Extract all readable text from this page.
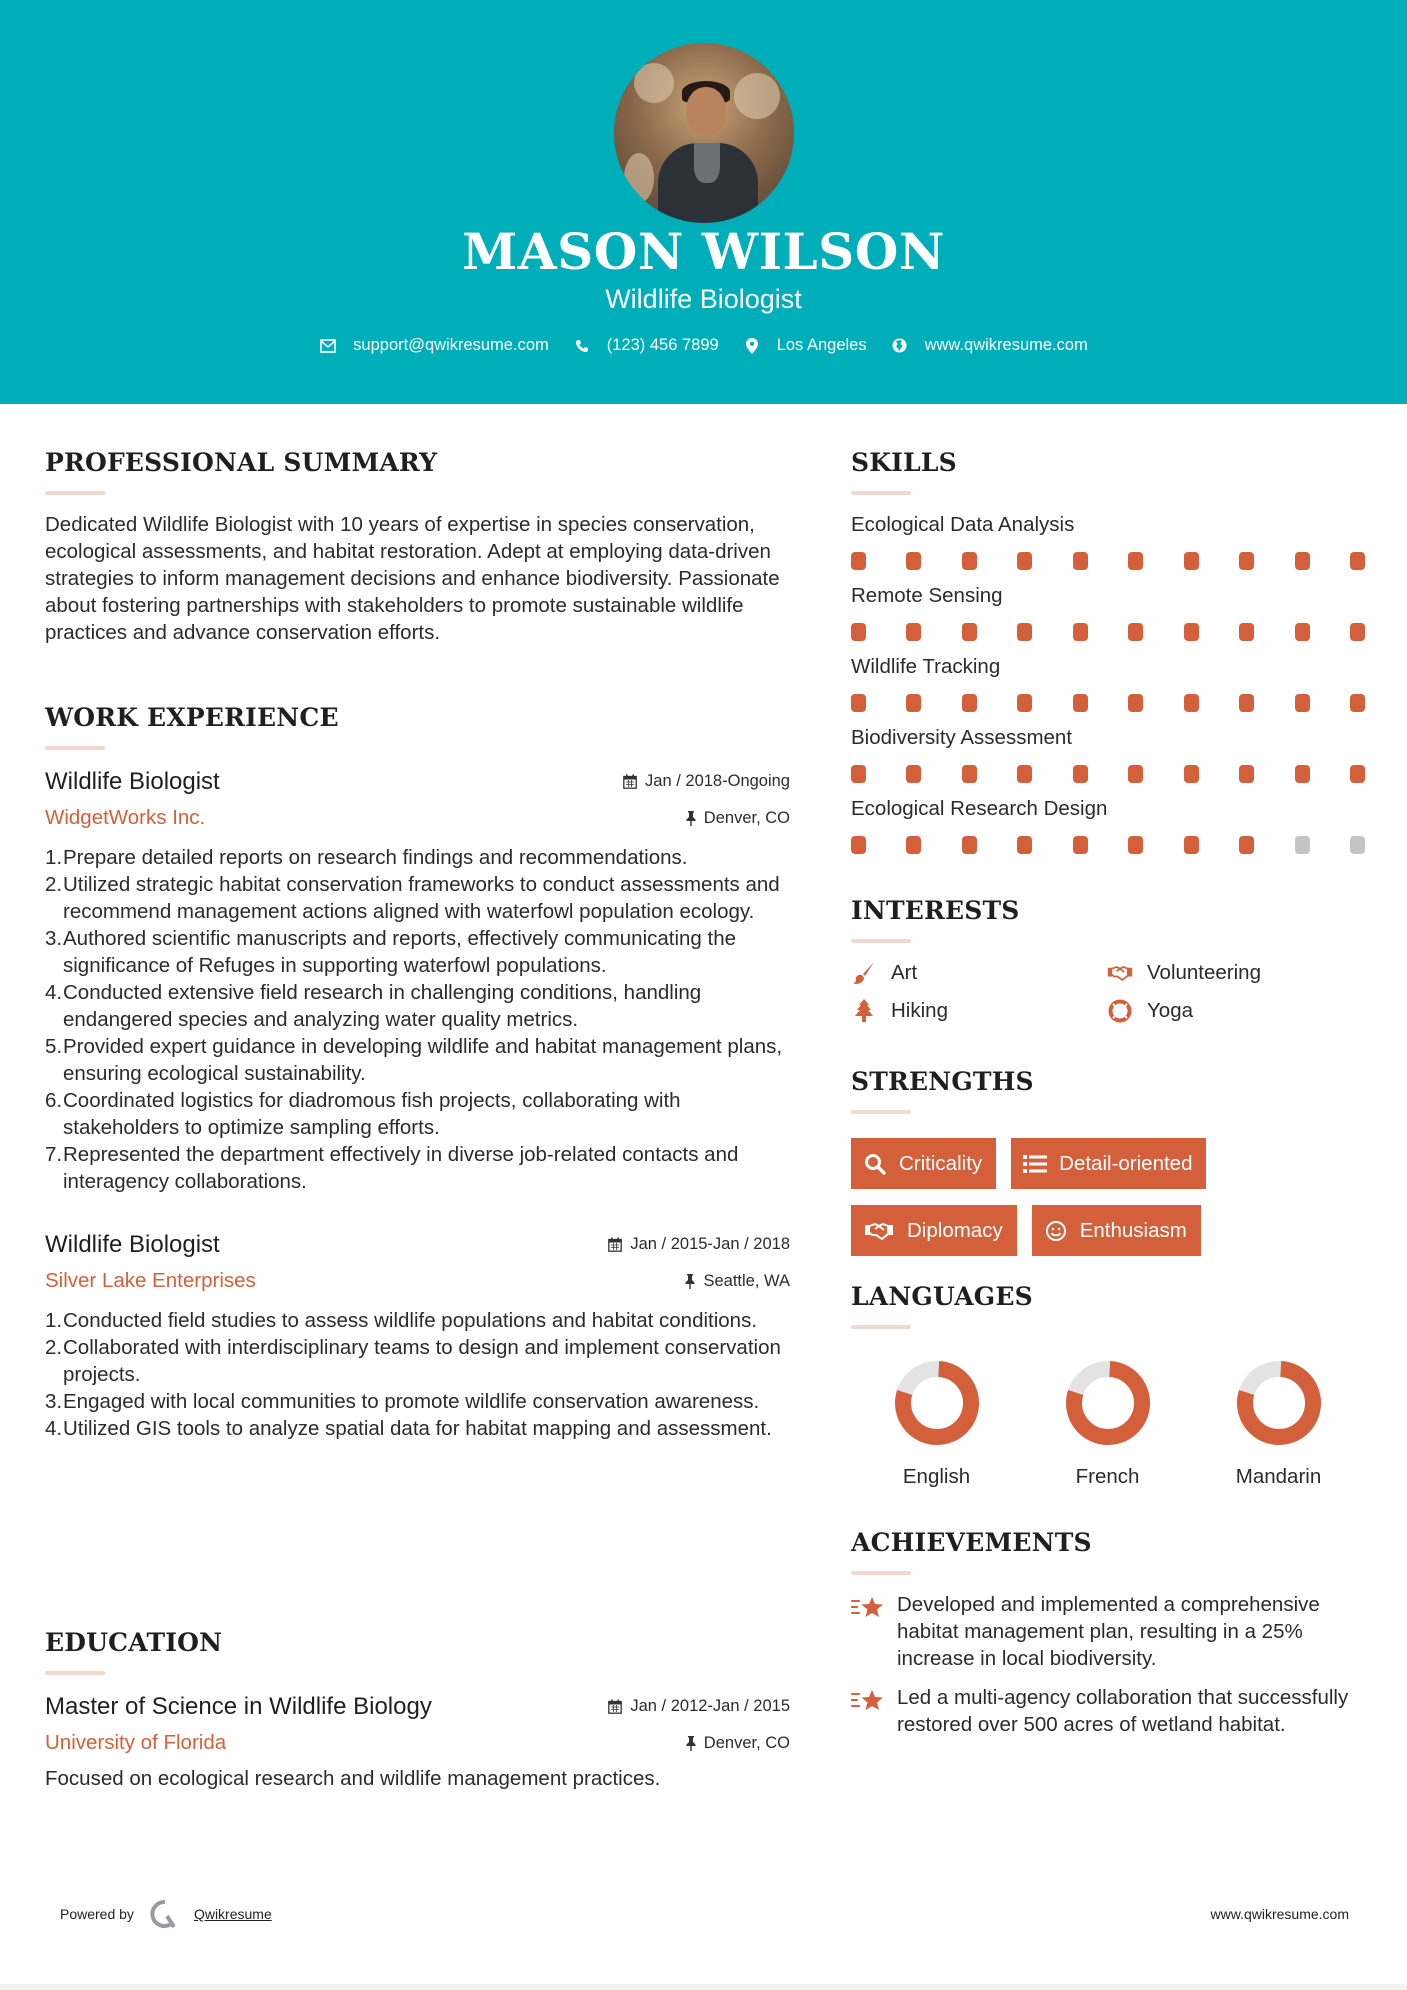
MASON WILSON
Wildlife Biologist
support@qwikresume.com	(123) 456 7899	Los Angeles	www.qwikresume.com
PROFESSIONAL SUMMARY

Dedicated Wildlife Biologist with 10 years of expertise in species conservation, ecological assessments, and habitat restoration. Adept at employing data-driven strategies to inform management decisions and enhance biodiversity. Passionate about fostering partnerships with stakeholders to promote sustainable wildlife practices and advance conservation efforts.

WORK EXPERIENCE
Wildlife Biologist	Jan / 2018-Ongoing
WidgetWorks Inc.	Denver, CO
1. Prepare detailed reports on research findings and recommendations.
2. Utilized strategic habitat conservation frameworks to conduct assessments and recommend management actions aligned with waterfowl population ecology.
3. Authored scientific manuscripts and reports, effectively communicating the significance of Refuges in supporting waterfowl populations.
4. Conducted extensive field research in challenging conditions, handling endangered species and analyzing water quality metrics.
5. Provided expert guidance in developing wildlife and habitat management plans, ensuring ecological sustainability.
6. Coordinated logistics for diadromous fish projects, collaborating with stakeholders to optimize sampling efforts.
7. Represented the department effectively in diverse job-related contacts and interagency collaborations.
Wildlife Biologist	Jan / 2015-Jan / 2018
Silver Lake Enterprises	Seattle, WA
1. Conducted field studies to assess wildlife populations and habitat conditions.
2. Collaborated with interdisciplinary teams to design and implement conservation projects.
3. Engaged with local communities to promote wildlife conservation awareness.
4. Utilized GIS tools to analyze spatial data for habitat mapping and assessment.
EDUCATION
Master of Science in Wildlife Biology	Jan / 2012-Jan / 2015
University of Florida	Denver, CO

Focused on ecological research and wildlife management practices.

SKILLS
Ecological Data Analysis
Remote Sensing
Wildlife Tracking
Biodiversity Assessment
Ecological Research Design
INTERESTS
Art	Volunteering
Hiking	Yoga
STRENGTHS
Criticality	Detail-oriented
Diplomacy	Enthusiasm
LANGUAGES
English	French	Mandarin
ACHIEVEMENTS
Developed and implemented a comprehensive habitat management plan, resulting in a 25% increase in local biodiversity.
Led a multi-agency collaboration that successfully restored over 500 acres of wetland habitat.
Powered by	Qwikresume	www.qwikresume.com
